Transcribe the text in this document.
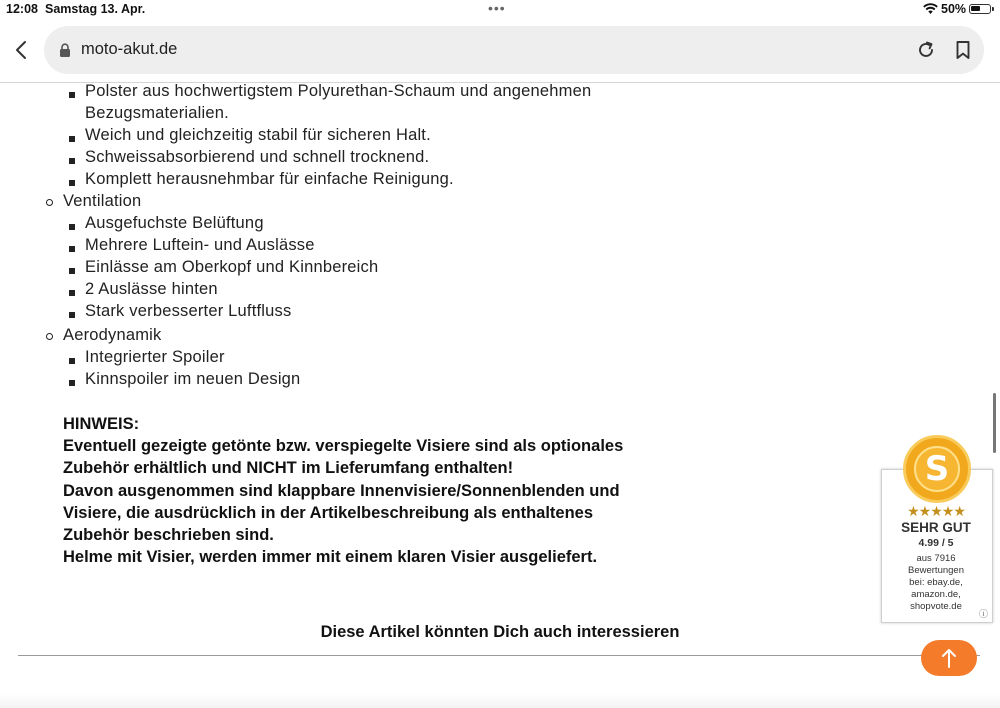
12:08 Samstag 13. Apr.	•••	50%
moto-akut.de
Polster aus hochwertigstem Polyurethan-Schaum und angenehmen
Bezugsmaterialien.
Weich und gleichzeitig stabil für sicheren Halt.
Schweissabsorbierend und schnell trocknend.
Komplett herausnehmbar für einfache Reinigung.
Ventilation
Ausgefuchste Belüftung
Mehrere Luftein- und Auslässe
Einlässe am Oberkopf und Kinnbereich
2 Auslässe hinten
Stark verbesserter Luftfluss
Aerodynamik
Integrierter Spoiler
Kinnspoiler im neuen Design
HINWEIS:
Eventuell gezeigte getönte bzw. verspiegelte Visiere sind als optionales
Zubehör erhältlich und NICHT im Lieferumfang enthalten!
Davon ausgenommen sind klappbare Innenvisiere/Sonnenblenden und
Visiere, die ausdrücklich in der Artikelbeschreibung als enthaltenes
Zubehör beschrieben sind.
Helme mit Visier, werden immer mit einem klaren Visier ausgeliefert.
Diese Artikel könnten Dich auch interessieren
S
★★★★★
SEHR GUT
4.99 / 5
aus 7916
Bewertungen
bei: ebay.de,
amazon.de,
shopvote.de
ⓘ
